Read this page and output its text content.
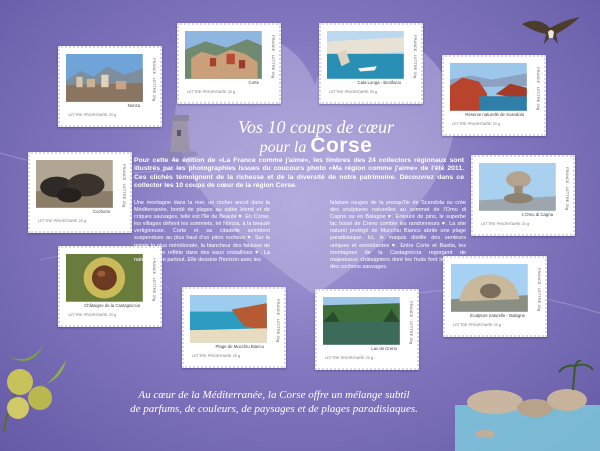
FRANCE · LETTRE 20g
Nonza
LETTRE PRIORITAIRE 20 g
FRANCE · LETTRE 20g
Corte
LETTRE PRIORITAIRE 20 g
FRANCE · LETTRE 20g
Cala Longa - Bonifacio
LETTRE PRIORITAIRE 20 g	FRANCE · LETTRE 20g
Réserve naturelle de Scandola
LETTRE PRIORITAIRE 20 g
FRANCE · LETTRE 20g
Cochons
LETTRE PRIORITAIRE 20 g
FRANCE · LETTRE 20g
L'Omu di Cagna
LETTRE PRIORITAIRE 20 g
FRANCE · LETTRE 20g
Châtaigne de la Castagniccia
LETTRE PRIORITAIRE 20 g
FRANCE · LETTRE 20g
Sculpture naturelle - Balagne
LETTRE PRIORITAIRE 20 g
FRANCE · LETTRE 20g
Plage de Mucchiu Biancu
LETTRE PRIORITAIRE 20 g
FRANCE · LETTRE 20g
Lac de Creno
LETTRE PRIORITAIRE 20 g
Vos 10 coups de cœur
pour la Corse
Pour cette 4e édition de «La France comme j'aime», les timbres des 24 collectors régionaux sont illustrés par les photographies issues du coucours photo «Ma région comme j'aime» de l'été 2011. Ces clichés témoignent de la richesse et de la diversité de notre patrimoine. Découvrez dans ce collector les 10 coups de cœur de la région Corse.
Une montagne dans la mer, un rocher ancré dans la Méditerranée, bordé de plages au sable blond et de criques sauvages, telle est l'île de Beauté ♥. En Corse, les villages défient les sommets, tel Nonza, à la beauté vertigineuse. Corte et sa citadelle semblent suspendues au plus haut d'un piton rocheux ♥. Sur la pointe la plus méridionale, la blancheur des falaises de Bonifacio se reflète dans des eaux cristallines ♥. La nature s'offre partout. Elle dessine l'horizon avec les
falaises rouges de la presqu'île de Scandola ou crée des sculptures naturelles au sommet de l'Omu di Cagna ou en Balagne ♥. Entouré de pins, le superbe lac boisé de Creno comble les randonneurs ♥. La site naturel protégé de Mucchiu Bianco abrite une plage paradisiaque. Ici, le maquis distille des senteurs uniques et envoûtantes ♥. Entre Corte et Bastia, les montagnes de la Castagniccia regorgent de majestueux châtaigniers dont les fruits font le bonheur des cochons sauvages.
Au cœur de la Méditerranée, la Corse offre un mélange subtil
de parfums, de couleurs, de paysages et de plages paradisiaques.
